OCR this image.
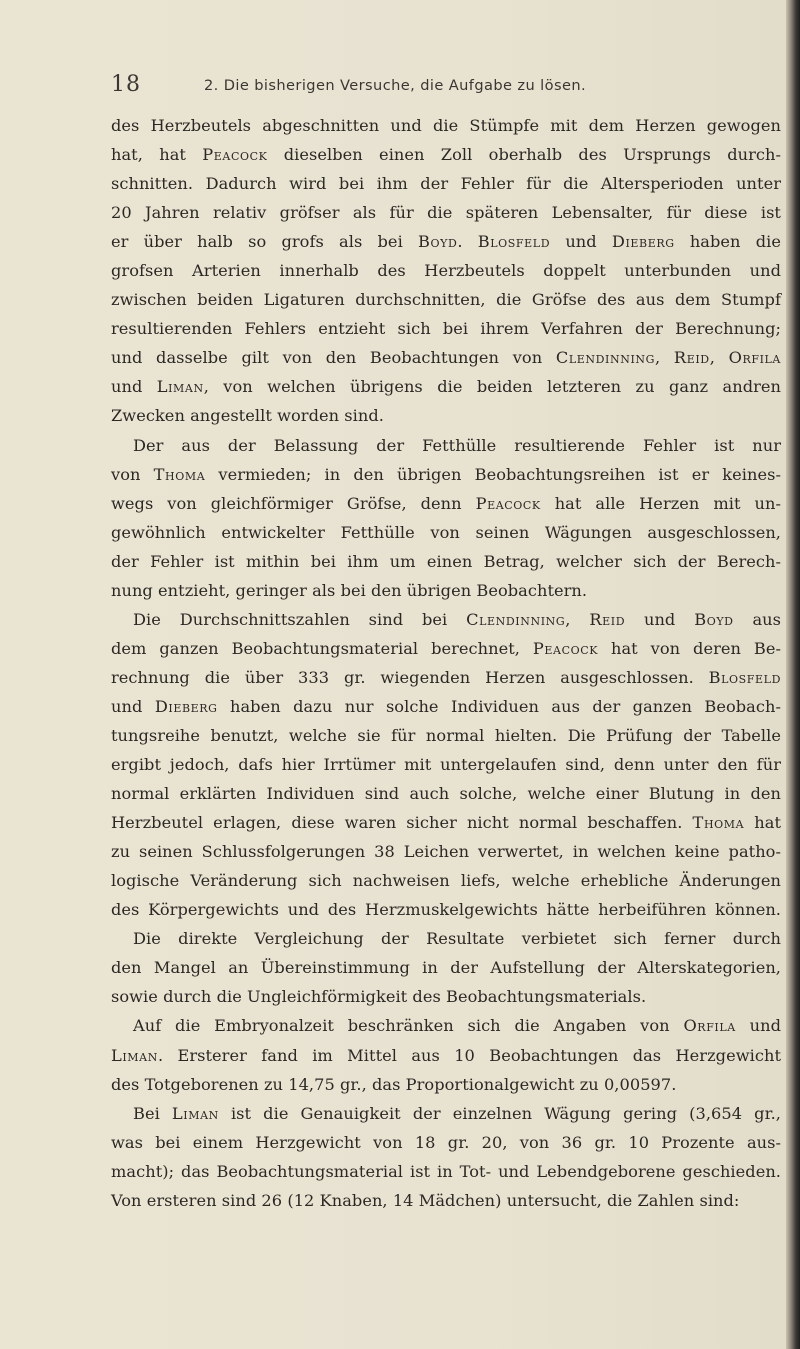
18	2. Die bisherigen Versuche, die Aufgabe zu lösen.
des Herzbeutels abgeschnitten und die Stümpfe mit dem Herzen gewogen
hat, hat Peacock dieselben einen Zoll oberhalb des Ursprungs durch-
schnitten. Dadurch wird bei ihm der Fehler für die Altersperioden unter
20 Jahren relativ gröfser als für die späteren Lebensalter, für diese ist
er über halb so grofs als bei Boyd. Blosfeld und Dieberg haben die
grofsen Arterien innerhalb des Herzbeutels doppelt unterbunden und
zwischen beiden Ligaturen durchschnitten, die Gröfse des aus dem Stumpf
resultierenden Fehlers entzieht sich bei ihrem Verfahren der Berechnung;
und dasselbe gilt von den Beobachtungen von Clendinning, Reid, Orfila
und Liman, von welchen übrigens die beiden letzteren zu ganz andren
Zwecken angestellt worden sind.
Der aus der Belassung der Fetthülle resultierende Fehler ist nur
von Thoma vermieden; in den übrigen Beobachtungsreihen ist er keines-
wegs von gleichförmiger Gröfse, denn Peacock hat alle Herzen mit un-
gewöhnlich entwickelter Fetthülle von seinen Wägungen ausgeschlossen,
der Fehler ist mithin bei ihm um einen Betrag, welcher sich der Berech-
nung entzieht, geringer als bei den übrigen Beobachtern.
Die Durchschnittszahlen sind bei Clendinning, Reid und Boyd aus
dem ganzen Beobachtungsmaterial berechnet, Peacock hat von deren Be-
rechnung die über 333 gr. wiegenden Herzen ausgeschlossen. Blosfeld
und Dieberg haben dazu nur solche Individuen aus der ganzen Beobach-
tungsreihe benutzt, welche sie für normal hielten. Die Prüfung der Tabelle
ergibt jedoch, dafs hier Irrtümer mit untergelaufen sind, denn unter den für
normal erklärten Individuen sind auch solche, welche einer Blutung in den
Herzbeutel erlagen, diese waren sicher nicht normal beschaffen. Thoma hat
zu seinen Schlussfolgerungen 38 Leichen verwertet, in welchen keine patho-
logische Veränderung sich nachweisen liefs, welche erhebliche Änderungen
des Körpergewichts und des Herzmuskelgewichts hätte herbeiführen können.
Die direkte Vergleichung der Resultate verbietet sich ferner durch
den Mangel an Übereinstimmung in der Aufstellung der Alterskategorien,
sowie durch die Ungleichförmigkeit des Beobachtungsmaterials.
Auf die Embryonalzeit beschränken sich die Angaben von Orfila und
Liman. Ersterer fand im Mittel aus 10 Beobachtungen das Herzgewicht
des Totgeborenen zu 14,75 gr., das Proportionalgewicht zu 0,00597.
Bei Liman ist die Genauigkeit der einzelnen Wägung gering (3,654 gr.,
was bei einem Herzgewicht von 18 gr. 20, von 36 gr. 10 Prozente aus-
macht); das Beobachtungsmaterial ist in Tot- und Lebendgeborene geschieden.
Von ersteren sind 26 (12 Knaben, 14 Mädchen) untersucht, die Zahlen sind:
